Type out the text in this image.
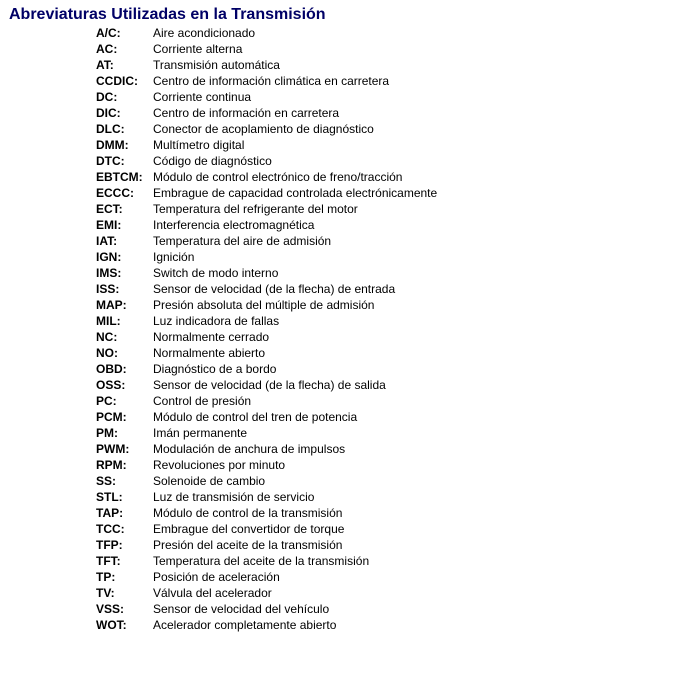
Abreviaturas Utilizadas en la Transmisión
A/C:	Aire acondicionado
AC:	Corriente alterna
AT:	Transmisión automática
CCDIC:	Centro de información climática en carretera
DC:	Corriente continua
DIC:	Centro de información en carretera
DLC:	Conector de acoplamiento de diagnóstico
DMM:	Multímetro digital
DTC:	Código de diagnóstico
EBTCM: Módulo de control electrónico de freno/tracción
ECCC:	Embrague de capacidad controlada electrónicamente
ECT:	Temperatura del refrigerante del motor
EMI:	Interferencia electromagnética
IAT:	Temperatura del aire de admisión
IGN:	Ignición
IMS:	Switch de modo interno
ISS:	Sensor de velocidad (de la flecha) de entrada
MAP:	Presión absoluta del múltiple de admisión
MIL:	Luz indicadora de fallas
NC:	Normalmente cerrado
NO:	Normalmente abierto
OBD:	Diagnóstico de a bordo
OSS:	Sensor de velocidad (de la flecha) de salida
PC:	Control de presión
PCM:	Módulo de control del tren de potencia
PM:	Imán permanente
PWM:	Modulación de anchura de impulsos
RPM:	Revoluciones por minuto
SS:	Solenoide de cambio
STL:	Luz de transmisión de servicio
TAP:	Módulo de control de la transmisión
TCC:	Embrague del convertidor de torque
TFP:	Presión del aceite de la transmisión
TFT:	Temperatura del aceite de la transmisión
TP:	Posición de aceleración
TV:	Válvula del acelerador
VSS:	Sensor de velocidad del vehículo
WOT:	Acelerador completamente abierto
